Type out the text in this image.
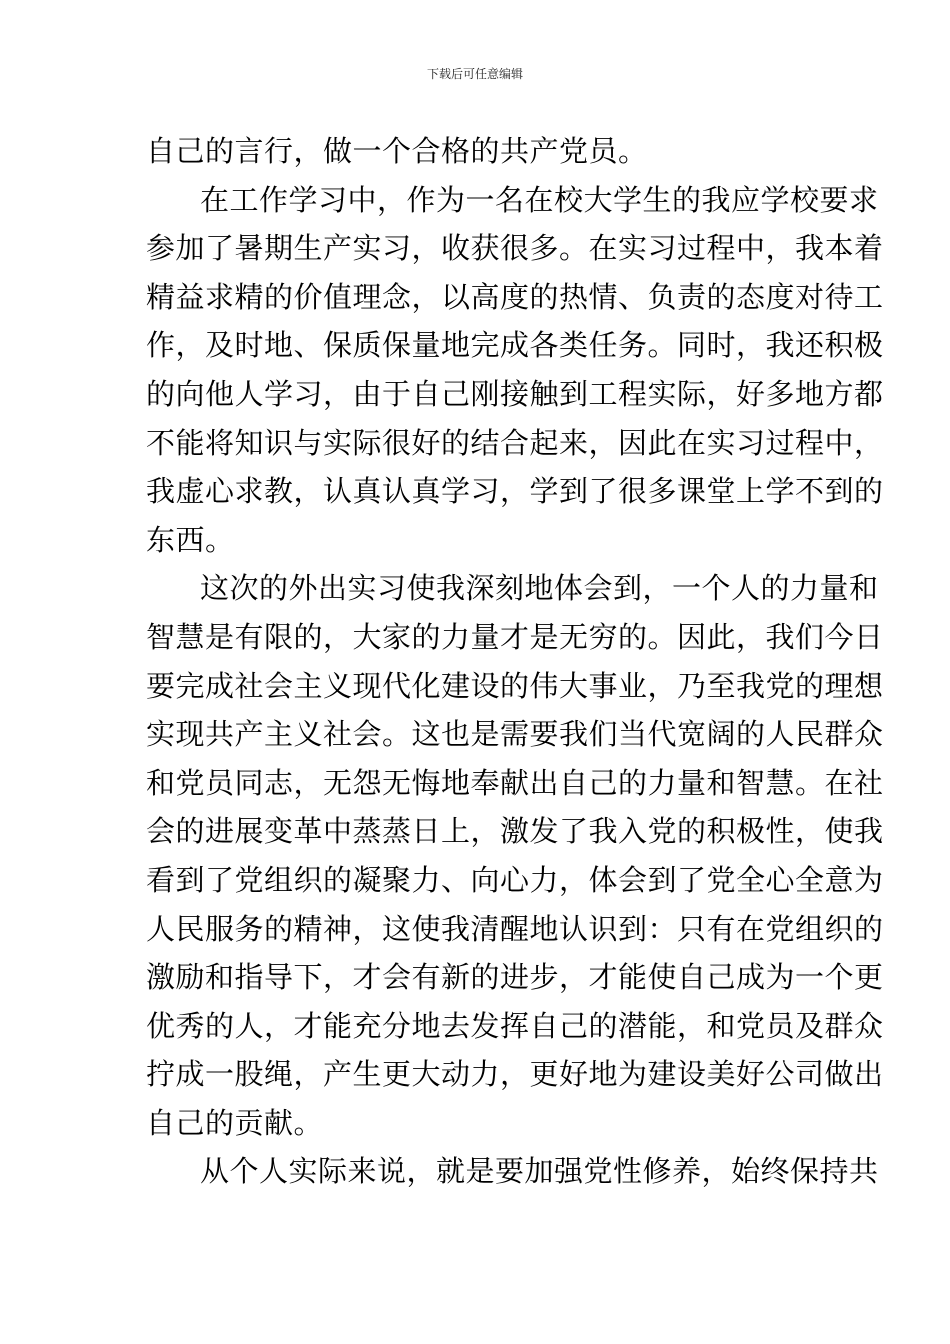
下载后可任意编辑
自己的言行，做一个合格的共产党员。
在工作学习中，作为一名在校大学生的我应学校要求
参加了暑期生产实习，收获很多。在实习过程中，我本着
精益求精的价值理念，以高度的热情、负责的态度对待工
作，及时地、保质保量地完成各类任务。同时，我还积极
的向他人学习，由于自己刚接触到工程实际，好多地方都
不能将知识与实际很好的结合起来，因此在实习过程中，
我虚心求教，认真认真学习，学到了很多课堂上学不到的
东西。
这次的外出实习使我深刻地体会到，一个人的力量和
智慧是有限的，大家的力量才是无穷的。因此，我们今日
要完成社会主义现代化建设的伟大事业，乃至我党的理想
实现共产主义社会。这也是需要我们当代宽阔的人民群众
和党员同志，无怨无悔地奉献出自己的力量和智慧。在社
会的进展变革中蒸蒸日上，激发了我入党的积极性，使我
看到了党组织的凝聚力、向心力，体会到了党全心全意为
人民服务的精神，这使我清醒地认识到：只有在党组织的
激励和指导下，才会有新的进步，才能使自己成为一个更
优秀的人，才能充分地去发挥自己的潜能，和党员及群众
拧成一股绳，产生更大动力，更好地为建设美好公司做出
自己的贡献。
从个人实际来说，就是要加强党性修养，始终保持共
